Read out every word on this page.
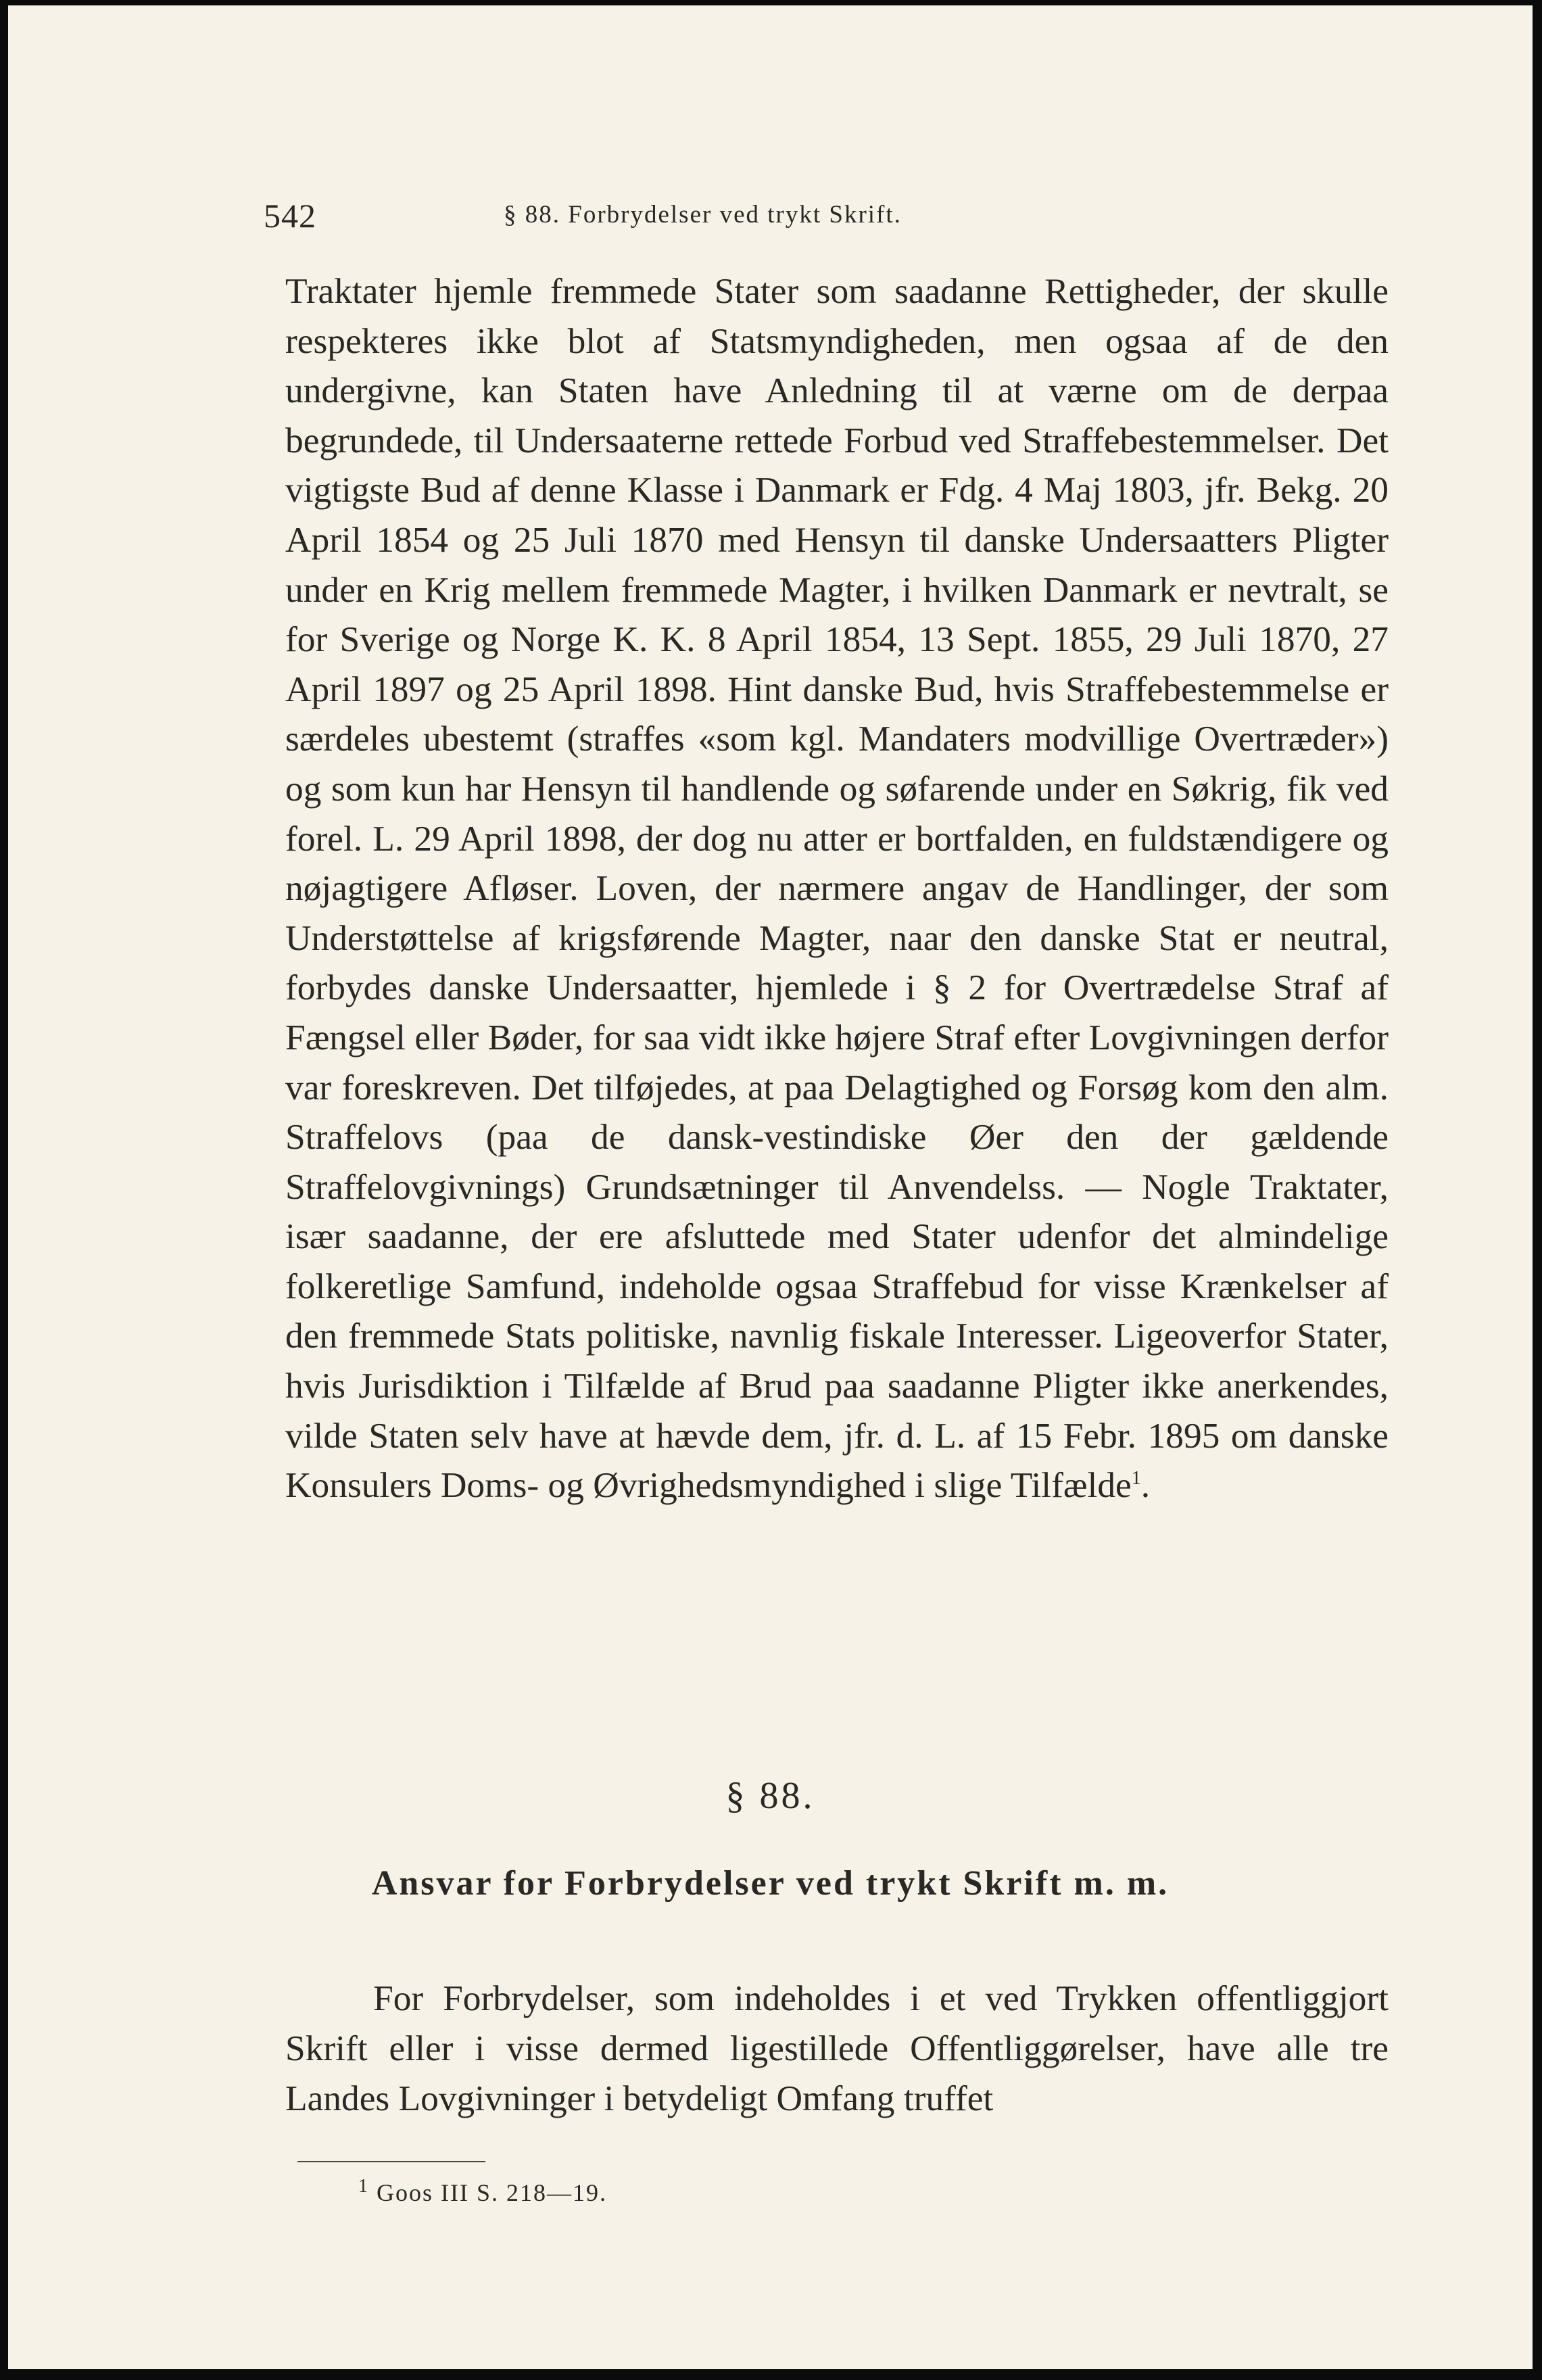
542	§ 88. Forbrydelser ved trykt Skrift.

Traktater hjemle fremmede Stater som saadanne Rettigheder, der skulle respekteres ikke blot af Statsmyndigheden, men ogsaa af de den undergivne, kan Staten have Anledning til at værne om de derpaa begrundede, til Undersaaterne rettede Forbud ved Straffebestemmelser. Det vigtigste Bud af denne Klasse i Danmark er Fdg. 4 Maj 1803, jfr. Bekg. 20 April 1854 og 25 Juli 1870 med Hensyn til danske Undersaatters Pligter under en Krig mellem fremmede Magter, i hvilken Danmark er nevtralt, se for Sverige og Norge K. K. 8 April 1854, 13 Sept. 1855, 29 Juli 1870, 27 April 1897 og 25 April 1898. Hint danske Bud, hvis Straffebestemmelse er særdeles ubestemt (straffes «som kgl. Mandaters modvillige Overtræder») og som kun har Hensyn til handlende og søfarende under en Søkrig, fik ved forel. L. 29 April 1898, der dog nu atter er bortfalden, en fuldstændigere og nøjagtigere Afløser. Loven, der nærmere angav de Handlinger, der som Understøttelse af krigsførende Magter, naar den danske Stat er neutral, forbydes danske Undersaatter, hjemlede i § 2 for Overtrædelse Straf af Fængsel eller Bøder, for saa vidt ikke højere Straf efter Lovgivningen derfor var foreskreven. Det tilføjedes, at paa Delagtighed og Forsøg kom den alm. Straffelovs (paa de dansk-vestindiske Øer den der gældende Straffelovgivnings) Grundsætninger til Anvendelss. — Nogle Traktater, især saadanne, der ere afsluttede med Stater udenfor det almindelige folkeretlige Samfund, indeholde ogsaa Straffebud for visse Krænkelser af den fremmede Stats politiske, navnlig fiskale Interesser. Ligeoverfor Stater, hvis Jurisdiktion i Tilfælde af Brud paa saadanne Pligter ikke anerkendes, vilde Staten selv have at hævde dem, jfr. d. L. af 15 Febr. 1895 om danske Konsulers Doms- og Øvrighedsmyndighed i slige Tilfælde$^1$.

§ 88.
Ansvar for Forbrydelser ved trykt Skrift m. m.

For Forbrydelser, som indeholdes i et ved Trykken offentliggjort Skrift eller i visse dermed ligestillede Offentliggørelser, have alle tre Landes Lovgivninger i betydeligt Omfang truffet

$^1$ Goos III S. 218—19.
